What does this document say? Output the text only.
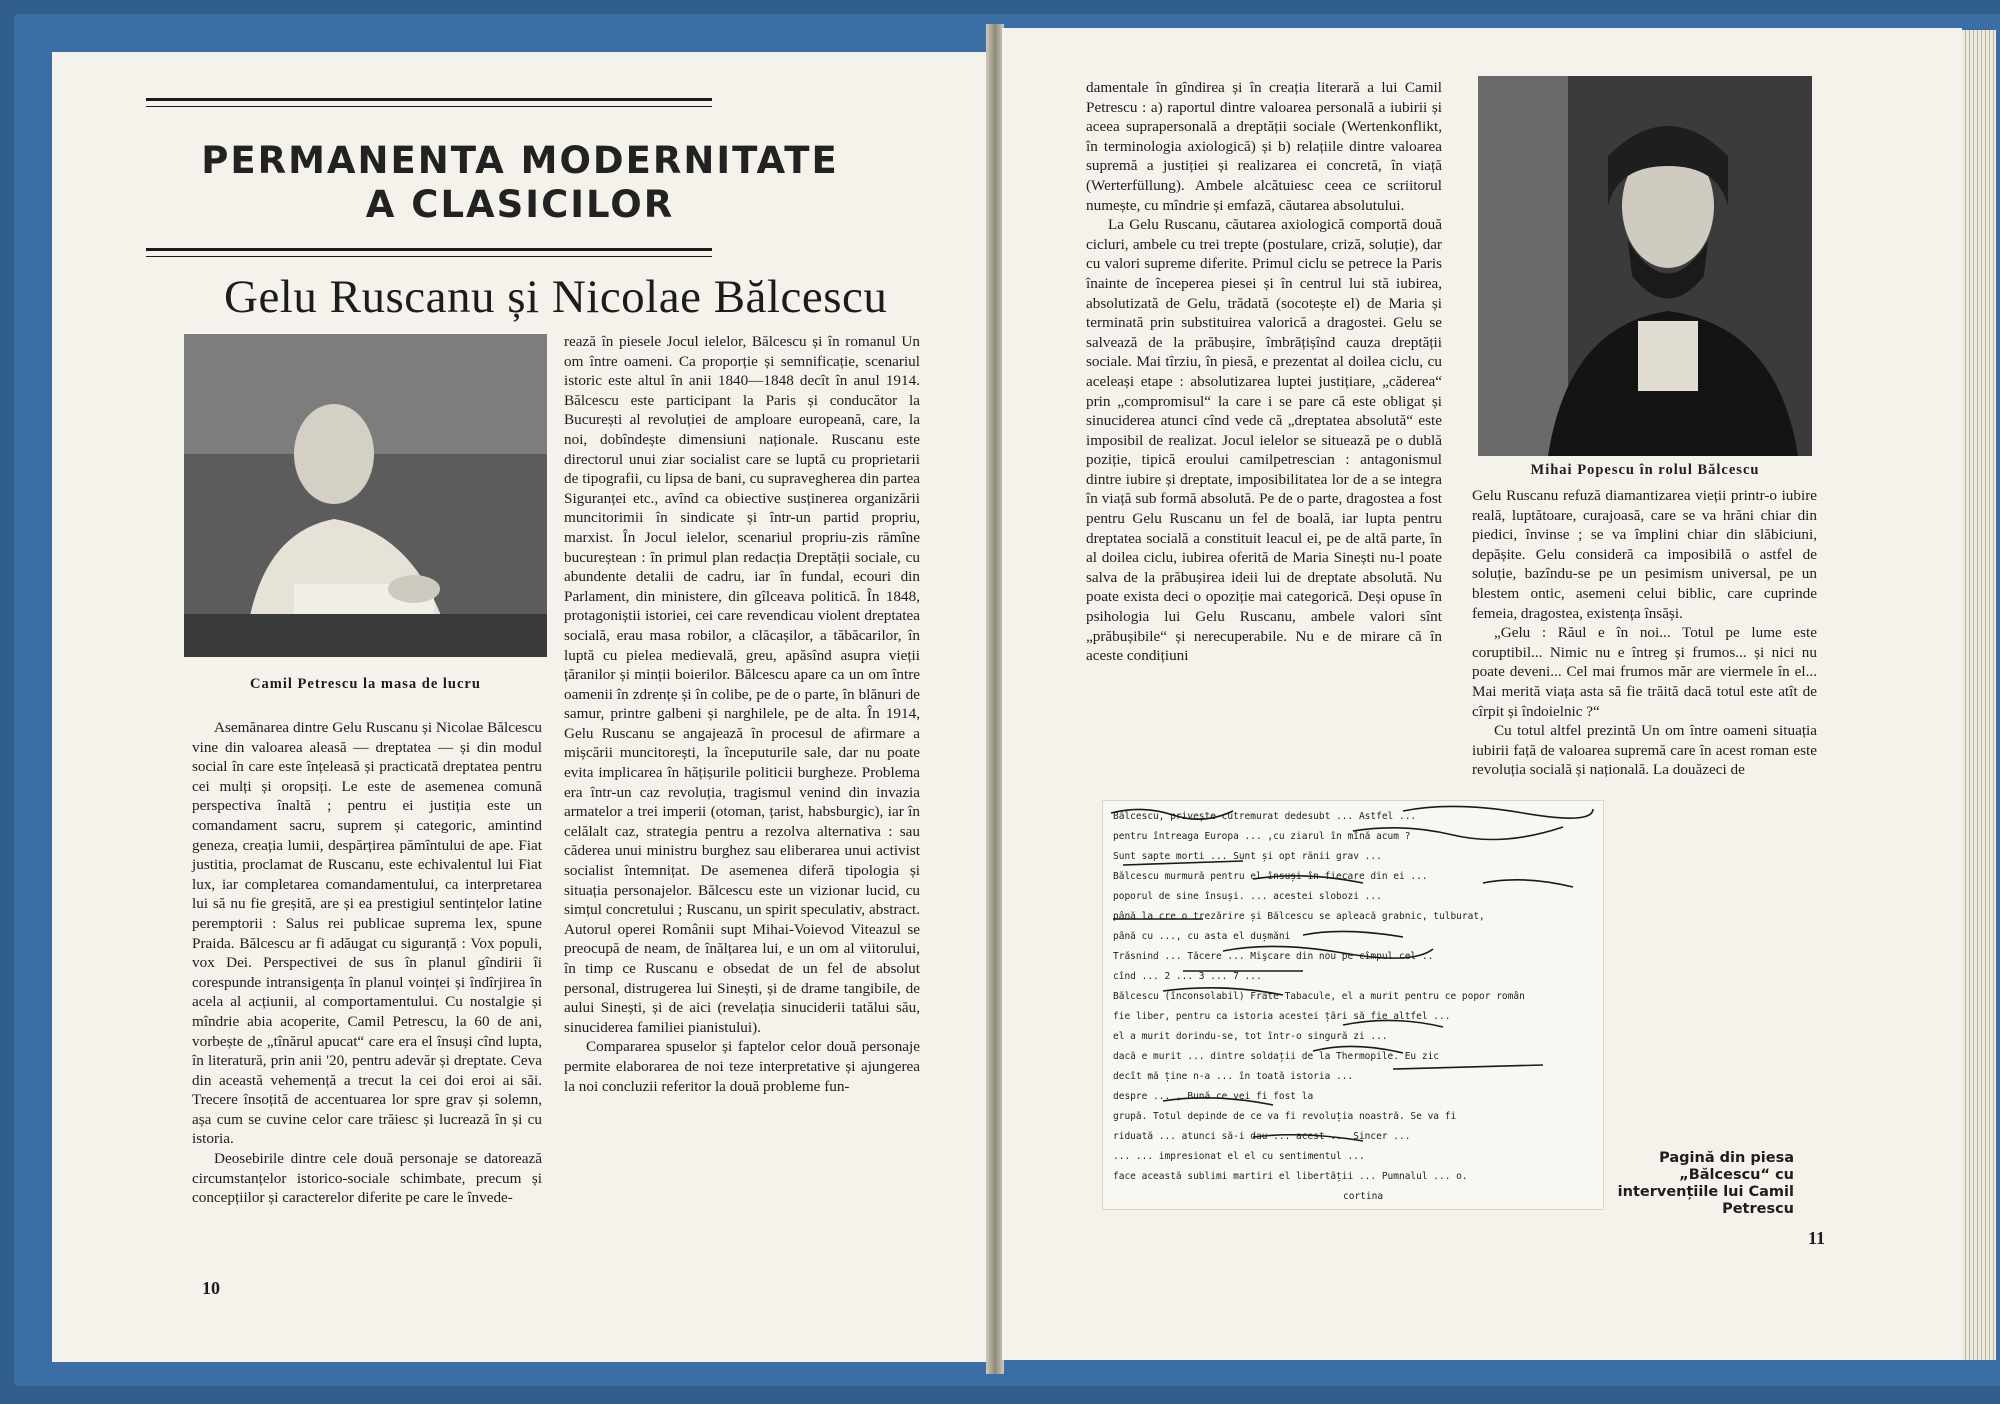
PERMANENTA MODERNITATE
A CLASICILOR
Gelu Ruscanu și Nicolae Bălcescu
Camil Petrescu la masa de lucru

Asemănarea dintre Gelu Ruscanu și Nicolae Bălcescu vine din valoarea aleasă — dreptatea — și din modul social în care este înțeleasă și practicată dreptatea pentru cei mulți și oropsiți. Le este de asemenea comună perspectiva înaltă ; pentru ei justiția este un comandament sacru, suprem și categoric, amintind geneza, creația lumii, despărțirea pămîntului de ape. Fiat justitia, proclamat de Ruscanu, este echivalentul lui Fiat lux, iar completarea comandamentului, ca interpretarea lui să nu fie greșită, are și ea prestigiul sentințelor latine peremptorii : Salus rei publicae suprema lex, spune Praida. Bălcescu ar fi adăugat cu siguranță : Vox populi, vox Dei. Perspectivei de sus în planul gîndirii îi corespunde intransigența în planul voinței și îndîrjirea în acela al acțiunii, al comportamentului. Cu nostalgie și mîndrie abia acoperite, Camil Petrescu, la 60 de ani, vorbește de „tînărul apucat“ care era el însuși cînd lupta, în literatură, prin anii '20, pentru adevăr și dreptate. Ceva din această vehemență a trecut la cei doi eroi ai săi. Trecere însoțită de accentuarea lor spre grav și solemn, așa cum se cuvine celor care trăiesc și lucrează în și cu istoria.

Deosebirile dintre cele două personaje se datorează circumstanțelor istorico-sociale schimbate, precum și concepțiilor și caracterelor diferite pe care le învede-

rează în piesele Jocul ielelor, Bălcescu și în romanul Un om între oameni. Ca proporție și semnificație, scenariul istoric este altul în anii 1840—1848 decît în anul 1914. Bălcescu este participant la Paris și conducător la București al revoluției de amploare europeană, care, la noi, dobîndește dimensiuni naționale. Ruscanu este directorul unui ziar socialist care se luptă cu proprietarii de tipografii, cu lipsa de bani, cu supravegherea din partea Siguranței etc., avînd ca obiective susținerea organizării muncitorimii în sindicate și într-un partid propriu, marxist. În Jocul ielelor, scenariul propriu-zis rămîne bucureștean : în primul plan redacția Dreptății sociale, cu abundente detalii de cadru, iar în fundal, ecouri din Parlament, din ministere, din gîlceava politică. În 1848, protagoniștii istoriei, cei care revendicau violent dreptatea socială, erau masa robilor, a clăcașilor, a tăbăcarilor, în luptă cu pielea medievală, greu, apăsînd asupra vieții țăranilor și minții boierilor. Bălcescu apare ca un om între oamenii în zdrențe și în colibe, pe de o parte, în blănuri de samur, printre galbeni și narghilele, pe de alta. În 1914, Gelu Ruscanu se angajează în procesul de afirmare a mișcării muncitorești, la începuturile sale, dar nu poate evita implicarea în hățișurile politicii burgheze. Problema era într-un caz revoluția, tragismul venind din invazia armatelor a trei imperii (otoman, țarist, habsburgic), iar în celălalt caz, strategia pentru a rezolva alternativa : sau căderea unui ministru burghez sau eliberarea unui activist socialist întemnițat. De asemenea diferă tipologia și situația personajelor. Bălcescu este un vizionar lucid, cu simțul concretului ; Ruscanu, un spirit speculativ, abstract. Autorul operei Românii supt Mihai-Voievod Viteazul se preocupă de neam, de înălțarea lui, e un om al viitorului, în timp ce Ruscanu e obsedat de un fel de absolut personal, distrugerea lui Sinești, și de drame tangibile, de aului Sinești, și de aici (revelația sinuciderii tatălui său, sinuciderea familiei pianistului).

Compararea spuselor și faptelor celor două personaje permite elaborarea de noi teze interpretative și ajungerea la noi concluzii referitor la două probleme fun-

10

damentale în gîndirea și în creația literară a lui Camil Petrescu : a) raportul dintre valoarea personală a iubirii și aceea suprapersonală a dreptății sociale (Wertenkonflikt, în terminologia axiologică) și b) relațiile dintre valoarea supremă a justiției și realizarea ei concretă, în viață (Werterfüllung). Ambele alcătuiesc ceea ce scriitorul numește, cu mîndrie și emfază, căutarea absolutului.

La Gelu Ruscanu, căutarea axiologică comportă două cicluri, ambele cu trei trepte (postulare, criză, soluție), dar cu valori supreme diferite. Primul ciclu se petrece la Paris înainte de începerea piesei și în centrul lui stă iubirea, absolutizată de Gelu, trădată (socotește el) de Maria și terminată prin substituirea valorică a dragostei. Gelu se salvează de la prăbușire, îmbrățișînd cauza dreptății sociale. Mai tîrziu, în piesă, e prezentat al doilea ciclu, cu aceleași etape : absolutizarea luptei justițiare, „căderea“ prin „compromisul“ la care i se pare că este obligat și sinuciderea atunci cînd vede că „dreptatea absolută“ este imposibil de realizat. Jocul ielelor se situează pe o dublă poziție, tipică eroului camilpetrescian : antagonismul dintre iubire și dreptate, imposibilitatea lor de a se integra în viață sub formă absolută. Pe de o parte, dragostea a fost pentru Gelu Ruscanu un fel de boală, iar lupta pentru dreptatea socială a constituit leacul ei, pe de altă parte, în al doilea ciclu, iubirea oferită de Maria Sinești nu-l poate salva de la prăbușirea ideii lui de dreptate absolută. Nu poate exista deci o opoziție mai categorică. Deși opuse în psihologia lui Gelu Ruscanu, ambele valori sînt „prăbușibile“ și nerecuperabile. Nu e de mirare că în aceste condițiuni

Mihai Popescu în rolul Bălcescu

Gelu Ruscanu refuză diamantizarea vieții printr-o iubire reală, luptătoare, curajoasă, care se va hrăni chiar din piedici, învinse ; se va împlini chiar din slăbiciuni, depășite. Gelu consideră ca imposibilă o astfel de soluție, bazîndu-se pe un pesimism universal, pe un blestem ontic, asemeni celui biblic, care cuprinde femeia, dragostea, existența însăși.

„Gelu : Răul e în noi... Totul pe lume este coruptibil... Nimic nu e întreg și frumos... și nici nu poate deveni... Cel mai frumos măr are viermele în el... Mai merită viața asta să fie trăită dacă totul este atît de cîrpit și îndoielnic ?“

Cu totul altfel prezintă Un om între oameni situația iubirii față de valoarea supremă care în acest roman este revoluția socială și națională. La douăzeci de

11
Bălcescu, privește cutremurat dedesubt ... Astfel ...
pentru întreaga Europa ... ,cu ziarul în mînă acum ?
Sunt sapte morti ... Sunt și opt rănii grav ...
Bălcescu murmură pentru el însuși în fiecare din ei ...
poporul de sine însuși. ... acestei slobozi ...
până la cre o trezărire și Bălcescu se apleacă grabnic, tulburat,
până cu ..., cu asta el dușmăni
Trăsnind ... Tăcere ... Mişcare din nou pe cîmpul cel ..
cînd ... 2 ... 3 ... 7 ...
Bălcescu (înconsolabil) Frate Tabacule, el a murit pentru ce popor român
fie liber, pentru ca istoria acestei țări să fie altfel ...
el a murit dorindu-se, tot într-o singură zi ...
dacă e murit ... dintre soldații de la Thermopile. Eu zic
decît mă ține n-a ... în toată istoria ...
despre ... , Bună ce vei fi fost la
grupă. Totul depinde de ce va fi revoluția noastră. Se va fi
riduată ... atunci să-i dau ... acest ... Sincer ...
... ... impresionat el el cu sentimentul ...
face această sublimi martiri el libertății ... Pumnalul ... o.
cortina
Pagină din piesa „Bălcescu“ cu intervențiile lui Camil Petrescu
